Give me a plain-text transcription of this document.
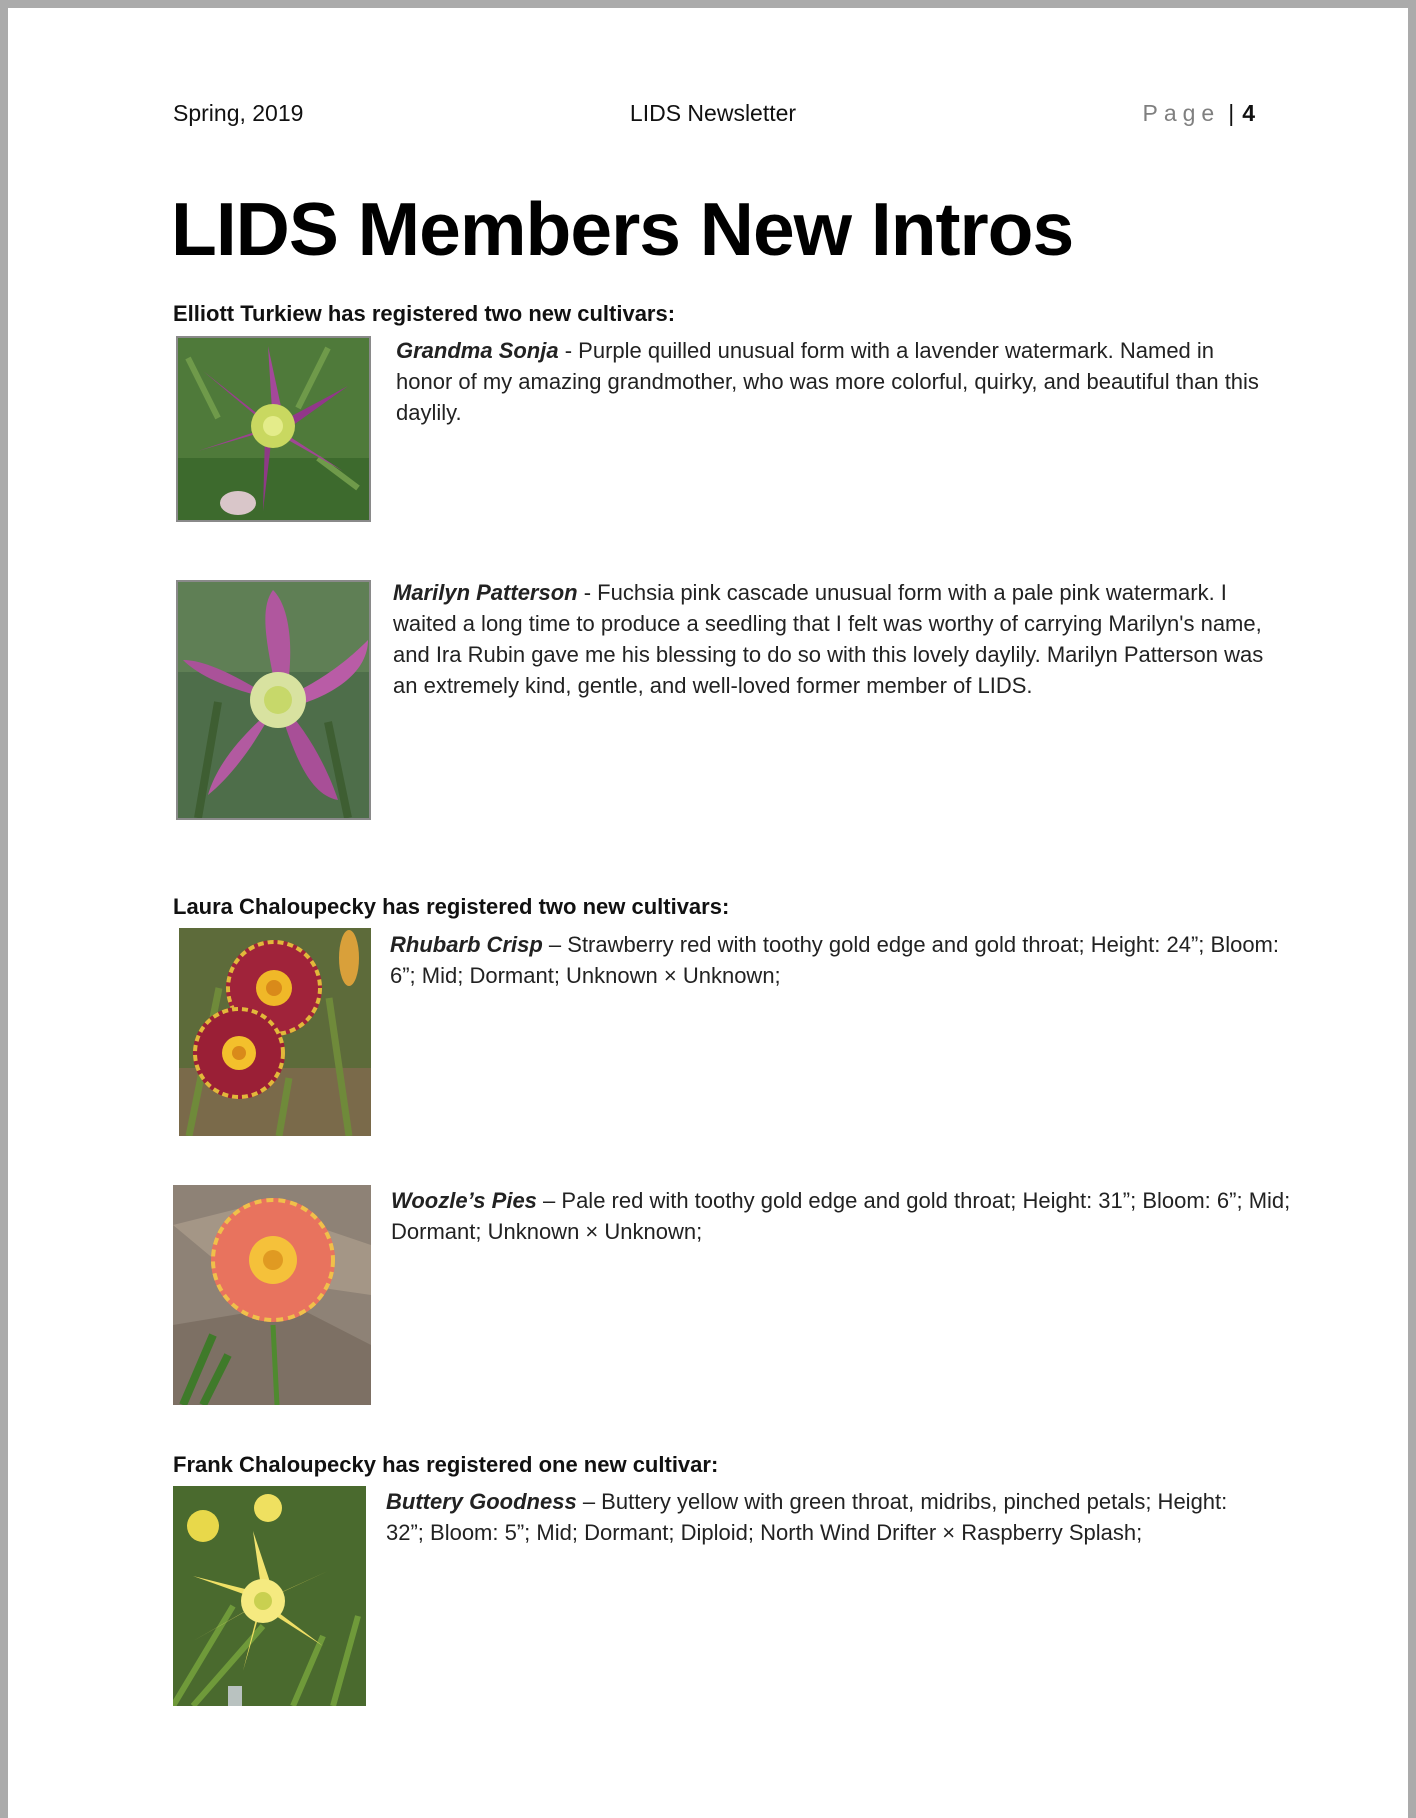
Spring, 2019	LIDS Newsletter	Page | 4
LIDS Members New Intros

Elliott Turkiew has registered two new cultivars:

Grandma Sonja - Purple quilled unusual form with a lavender watermark. Named in honor of my amazing grandmother, who was more colorful, quirky, and beautiful than this daylily.

Marilyn Patterson - Fuchsia pink cascade unusual form with a pale pink watermark. I waited a long time to produce a seedling that I felt was worthy of carrying Marilyn's name, and Ira Rubin gave me his blessing to do so with this lovely daylily. Marilyn Patterson was an extremely kind, gentle, and well-loved former member of LIDS.

Laura Chaloupecky has registered two new cultivars:

Rhubarb Crisp – Strawberry red with toothy gold edge and gold throat; Height: 24”; Bloom: 6”; Mid; Dormant; Unknown × Unknown;

Woozle’s Pies – Pale red with toothy gold edge and gold throat; Height: 31”; Bloom: 6”; Mid; Dormant; Unknown × Unknown;

Frank Chaloupecky has registered one new cultivar:

Buttery Goodness – Buttery yellow with green throat, midribs, pinched petals; Height: 32”; Bloom: 5”; Mid; Dormant; Diploid; North Wind Drifter × Raspberry Splash;
